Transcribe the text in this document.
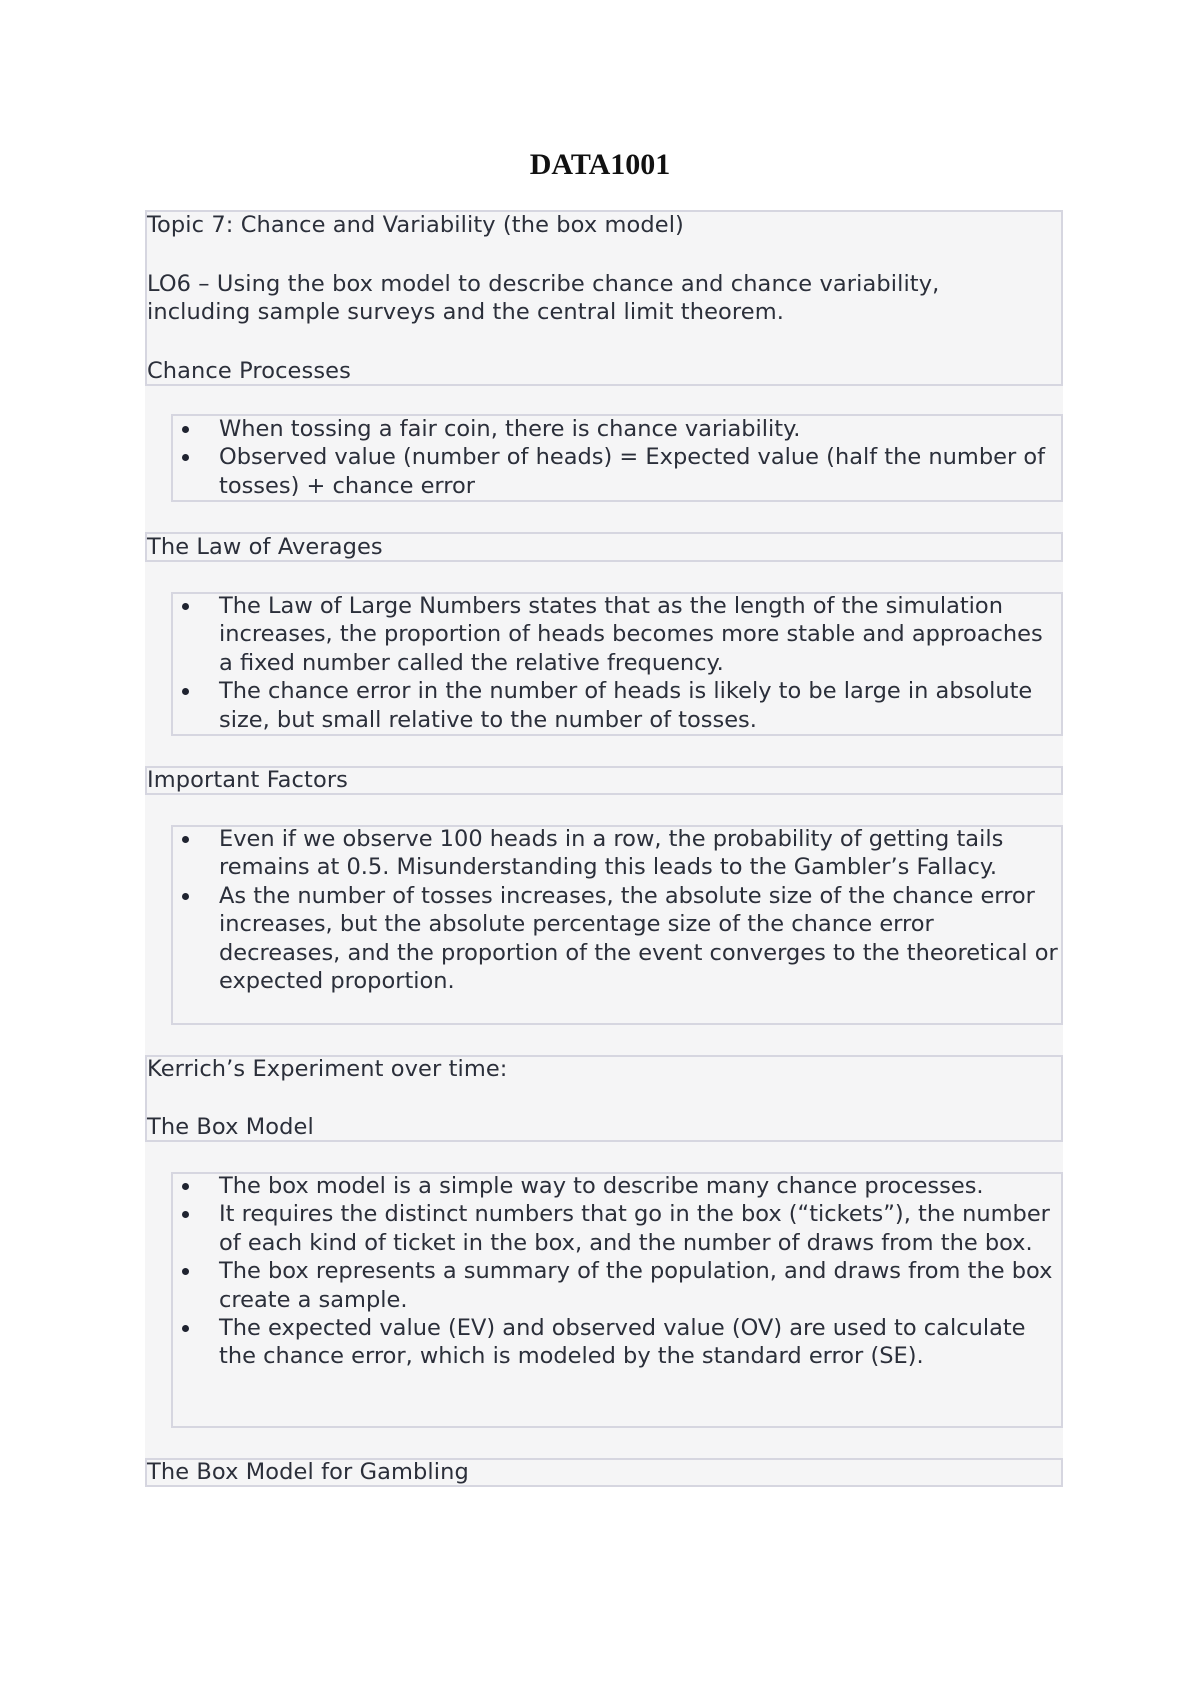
DATA1001

Topic 7: Chance and Variability (the box model)

LO6 – Using the box model to describe chance and chance variability,

including sample surveys and the central limit theorem.

Chance Processes

When tossing a fair coin, there is chance variability.
Observed value (number of heads) = Expected value (half the number of tosses) + chance error

The Law of Averages

The Law of Large Numbers states that as the length of the simulation increases, the proportion of heads becomes more stable and approaches a fixed number called the relative frequency.
The chance error in the number of heads is likely to be large in absolute size, but small relative to the number of tosses.

Important Factors

Even if we observe 100 heads in a row, the probability of getting tails remains at 0.5. Misunderstanding this leads to the Gambler’s Fallacy.
As the number of tosses increases, the absolute size of the chance error increases, but the absolute percentage size of the chance error decreases, and the proportion of the event converges to the theoretical or expected proportion.

Kerrich’s Experiment over time:

The Box Model

The box model is a simple way to describe many chance processes.
It requires the distinct numbers that go in the box (“tickets”), the number of each kind of ticket in the box, and the number of draws from the box.
The box represents a summary of the population, and draws from the box create a sample.
The expected value (EV) and observed value (OV) are used to calculate the chance error, which is modeled by the standard error (SE).

The Box Model for Gambling
